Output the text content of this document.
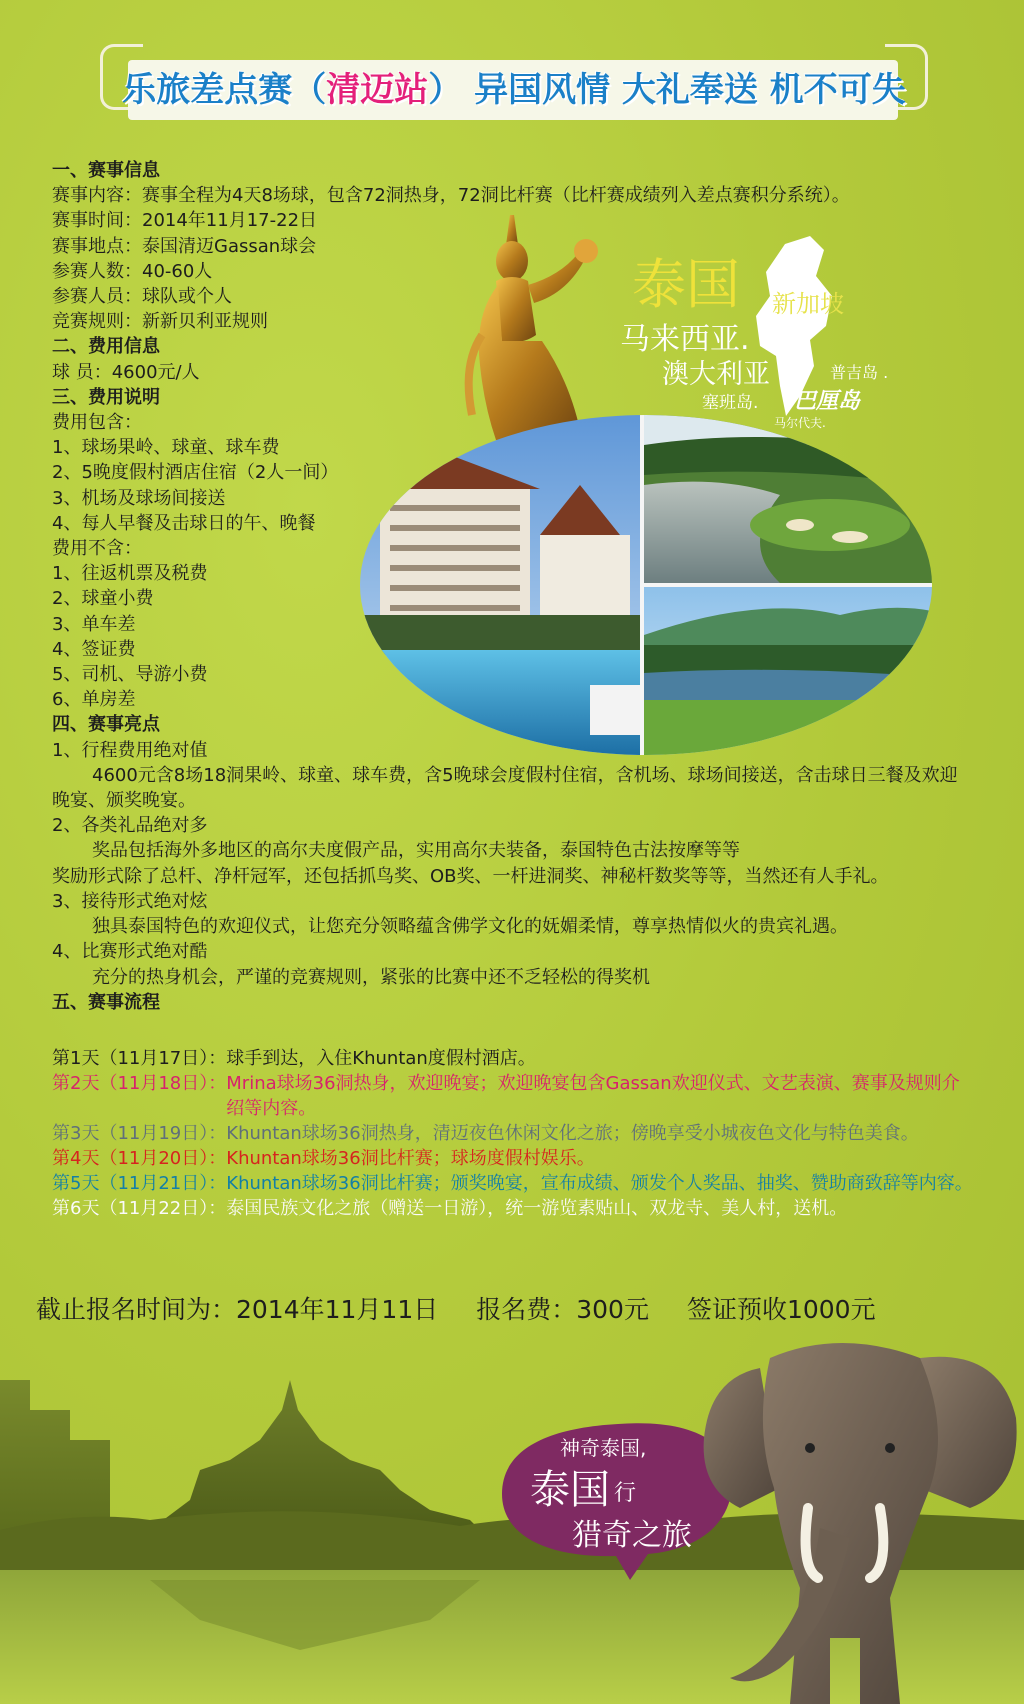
乐旅差点赛（清迈站） 异国风情 大礼奉送 机不可失
一、赛事信息
赛事内容：赛事全程为4天8场球，包含72洞热身，72洞比杆赛（比杆赛成绩列入差点赛积分系统）。
赛事时间：2014年11月17-22日
赛事地点：泰国清迈Gassan球会
参赛人数：40-60人
参赛人员：球队或个人
竞赛规则：新新贝利亚规则
二、费用信息
球 员：4600元/人
三、费用说明
费用包含：
1、球场果岭、球童、球车费
2、5晚度假村酒店住宿（2人一间）
3、机场及球场间接送
4、每人早餐及击球日的午、晚餐
费用不含：
1、往返机票及税费
2、球童小费
3、单车差
4、签证费
5、司机、导游小费
6、单房差
四、赛事亮点
1、行程费用绝对值
4600元含8场18洞果岭、球童、球车费，含5晚球会度假村住宿，含机场、球场间接送，含击球日三餐及欢迎晚宴、颁奖晚宴。
2、各类礼品绝对多
奖品包括海外多地区的高尔夫度假产品，实用高尔夫装备，泰国特色古法按摩等等
奖励形式除了总杆、净杆冠军，还包括抓鸟奖、OB奖、一杆进洞奖、神秘杆数奖等等，当然还有人手礼。
3、接待形式绝对炫
独具泰国特色的欢迎仪式，让您充分领略蕴含佛学文化的妩媚柔情，尊享热情似火的贵宾礼遇。
4、比赛形式绝对酷
充分的热身机会，严谨的竞赛规则，紧张的比赛中还不乏轻松的得奖机
五、赛事流程
泰国 新加坡
马来西亚.
澳大利亚	普吉岛 .
塞班岛. 巴厘岛
马尔代夫.
第1天（11月17日）： 球手到达，入住Khuntan度假村酒店。
第2天（11月18日）： Mrina球场36洞热身，欢迎晚宴；欢迎晚宴包含Gassan欢迎仪式、文艺表演、赛事及规则介绍等内容。
第3天（11月19日）： Khuntan球场36洞热身，清迈夜色休闲文化之旅；傍晚享受小城夜色文化与特色美食。
第4天（11月20日）： Khuntan球场36洞比杆赛；球场度假村娱乐。
第5天（11月21日）： Khuntan球场36洞比杆赛；颁奖晚宴，宣布成绩、颁发个人奖品、抽奖、赞助商致辞等内容。
第6天（11月22日）： 泰国民族文化之旅（赠送一日游），统一游览素贴山、双龙寺、美人村，送机。
截止报名时间为：2014年11月11日 报名费：300元 签证预收1000元
神奇泰国,
泰国 行
猎奇之旅
